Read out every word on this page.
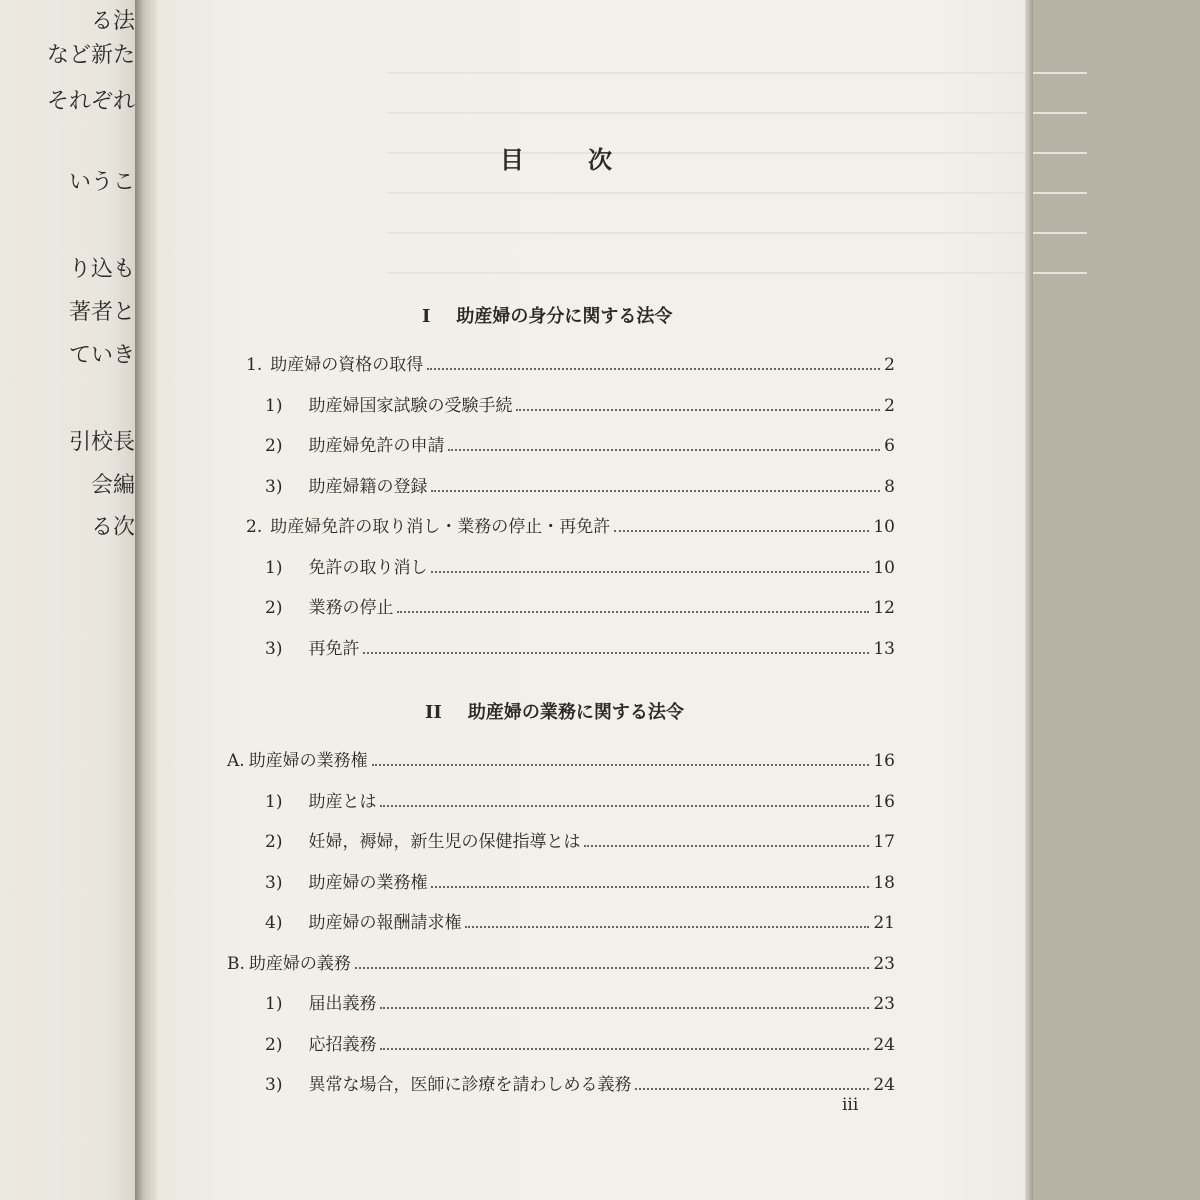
る法
など新た
それぞれ
いうこ
り込も
著者と
ていき
引校長
会編
る次
目次
I 助産婦の身分に関する法令
1. 助産婦の資格の取得	2
1) 助産婦国家試験の受験手続	2
2) 助産婦免許の申請	6
3) 助産婦籍の登録	8
2. 助産婦免許の取り消し・業務の停止・再免許	10
1) 免許の取り消し	10
2) 業務の停止	12
3) 再免許	13
II 助産婦の業務に関する法令
A. 助産婦の業務権	16
1) 助産とは	16
2) 妊婦，褥婦，新生児の保健指導とは	17
3) 助産婦の業務権	18
4) 助産婦の報酬請求権	21
B. 助産婦の義務	23
1) 届出義務	23
2) 応招義務	24
3) 異常な場合，医師に診療を請わしめる義務	24
iii
